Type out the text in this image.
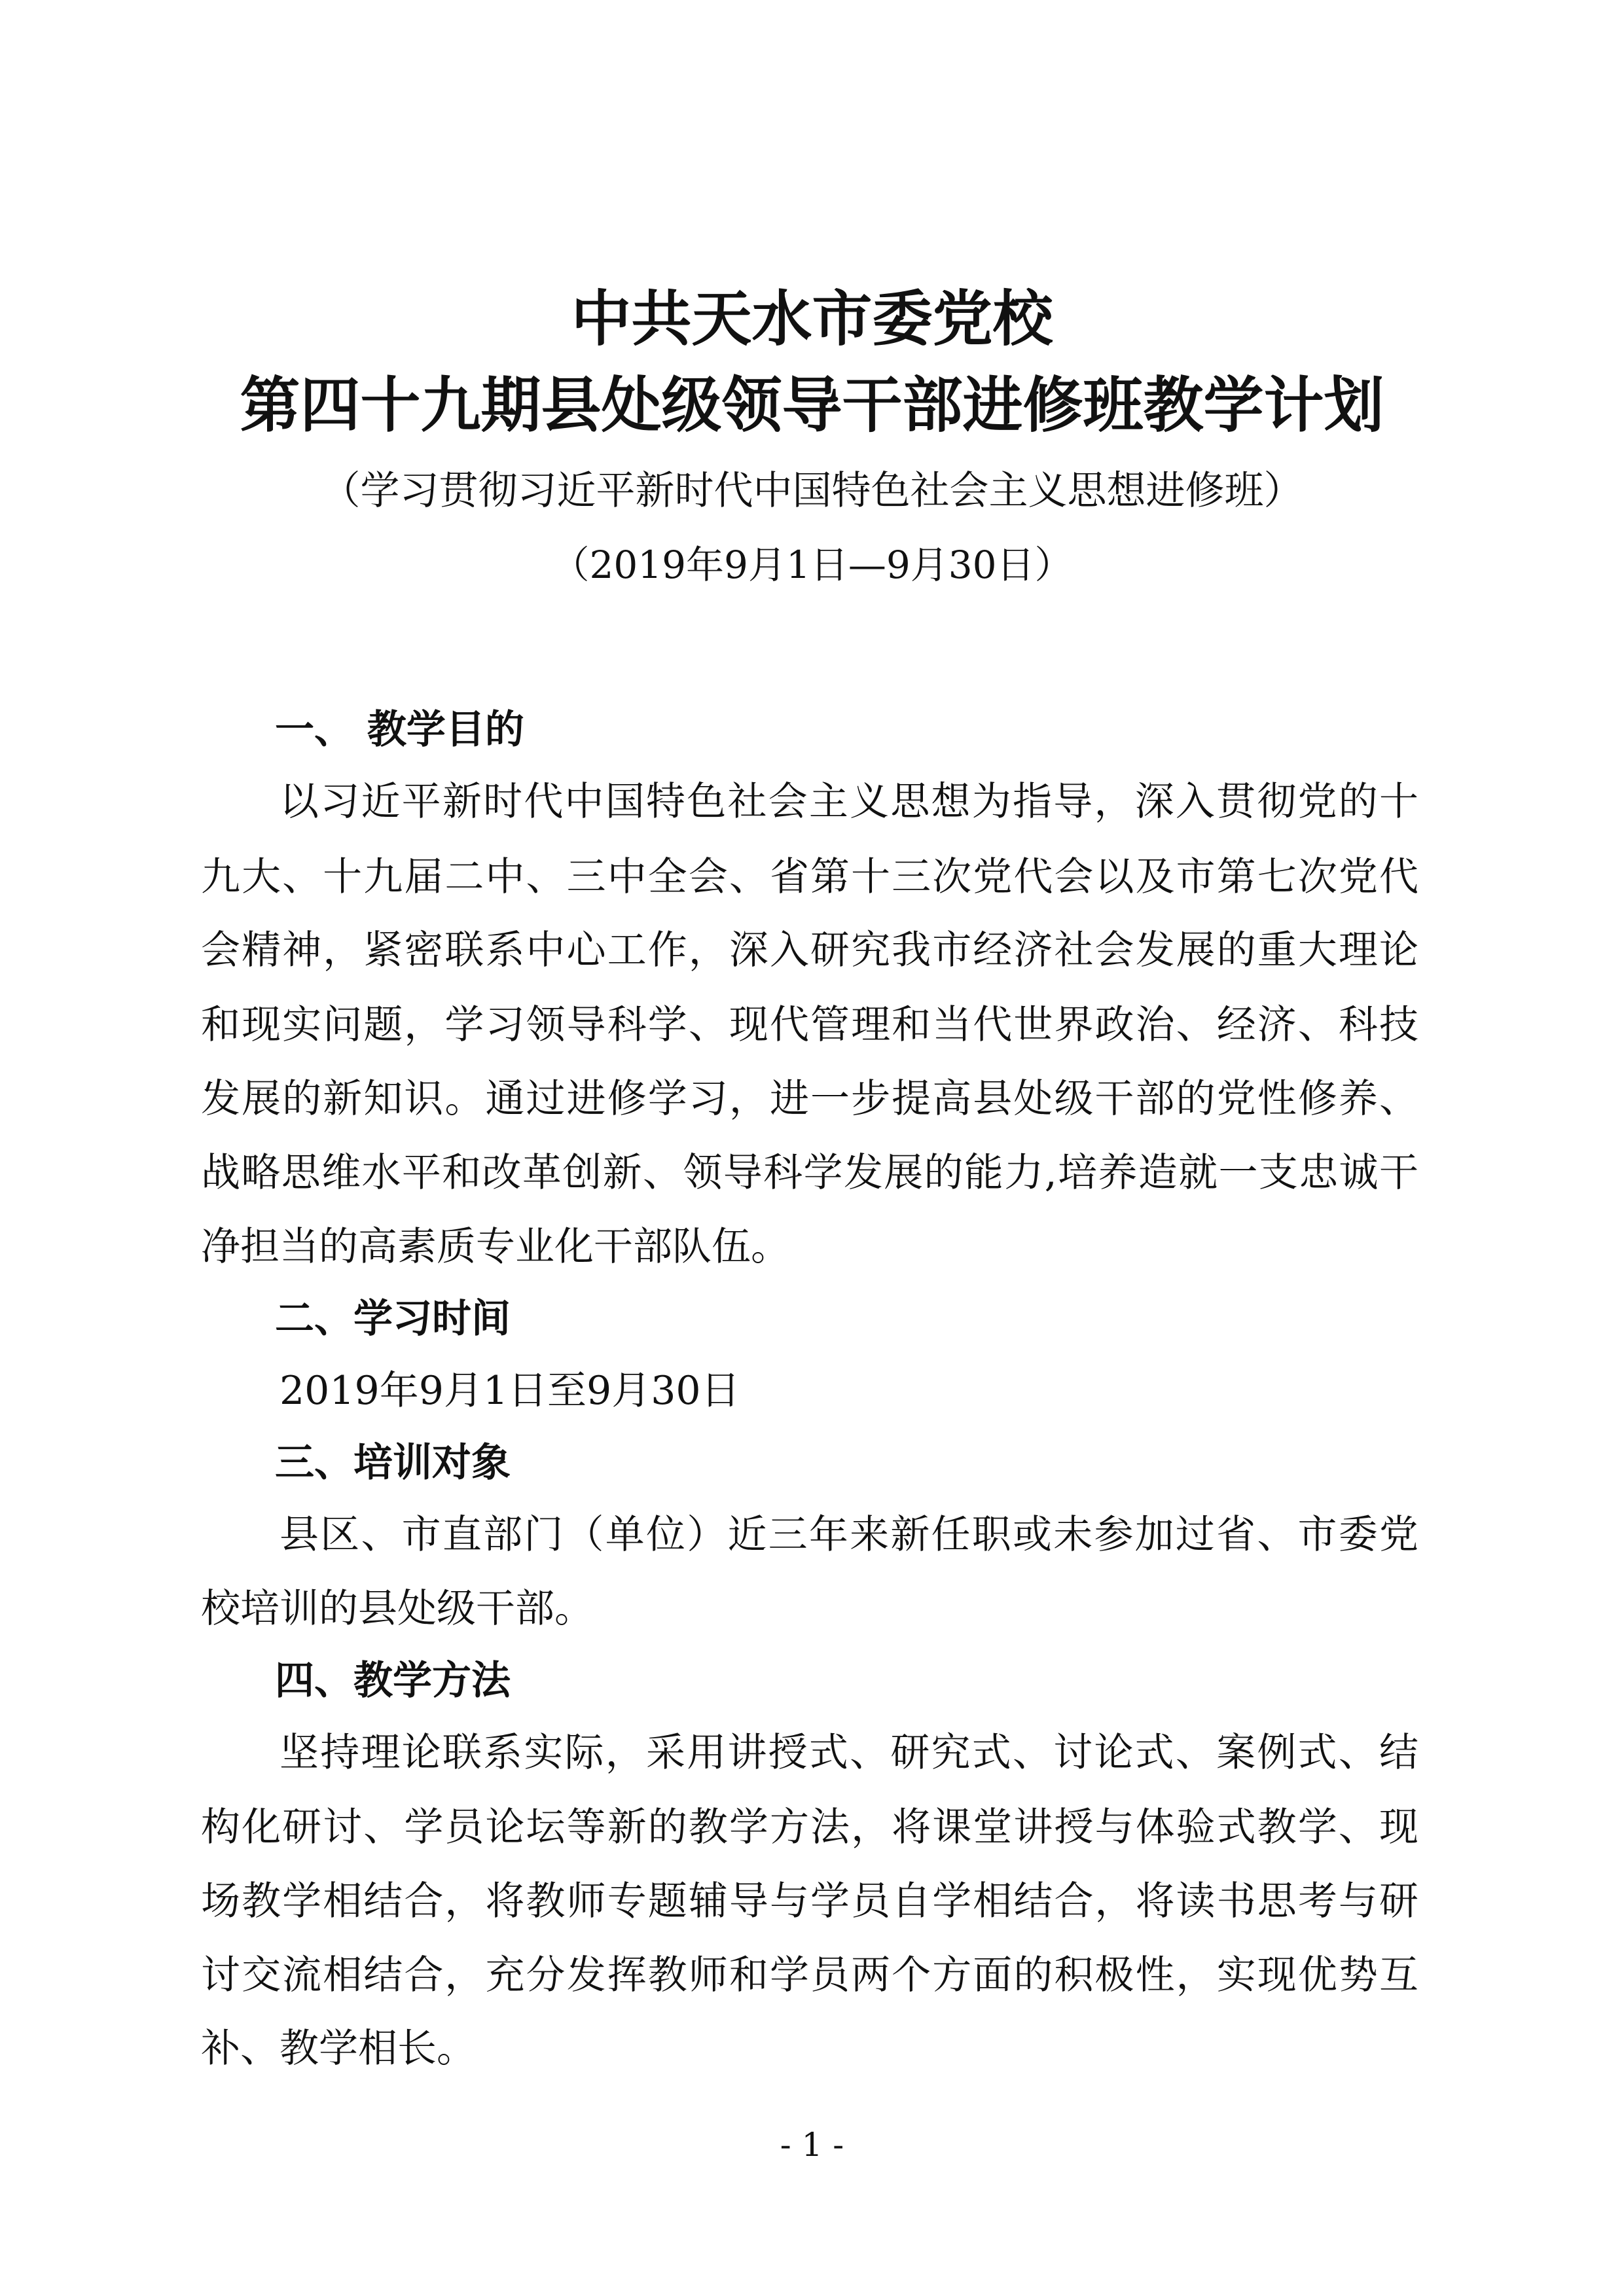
中共天水市委党校
第四十九期县处级领导干部进修班教学计划
（学习贯彻习近平新时代中国特色社会主义思想进修班）
（2019年9月1日—9月30日）
一、 教学目的
以习近平新时代中国特色社会主义思想为指导，深入贯彻党的十
九大、十九届二中、三中全会、省第十三次党代会以及市第七次党代
会精神，紧密联系中心工作，深入研究我市经济社会发展的重大理论
和现实问题，学习领导科学、现代管理和当代世界政治、经济、科技
发展的新知识。通过进修学习，进一步提高县处级干部的党性修养、
战略思维水平和改革创新、领导科学发展的能力,培养造就一支忠诚干
净担当的高素质专业化干部队伍。
二、学习时间
2019年9月1日至9月30日
三、培训对象
县区、市直部门（单位）近三年来新任职或未参加过省、市委党
校培训的县处级干部。
四、教学方法
坚持理论联系实际，采用讲授式、研究式、讨论式、案例式、结
构化研讨、学员论坛等新的教学方法，将课堂讲授与体验式教学、现
场教学相结合，将教师专题辅导与学员自学相结合，将读书思考与研
讨交流相结合，充分发挥教师和学员两个方面的积极性，实现优势互
补、教学相长。
- 1 -
